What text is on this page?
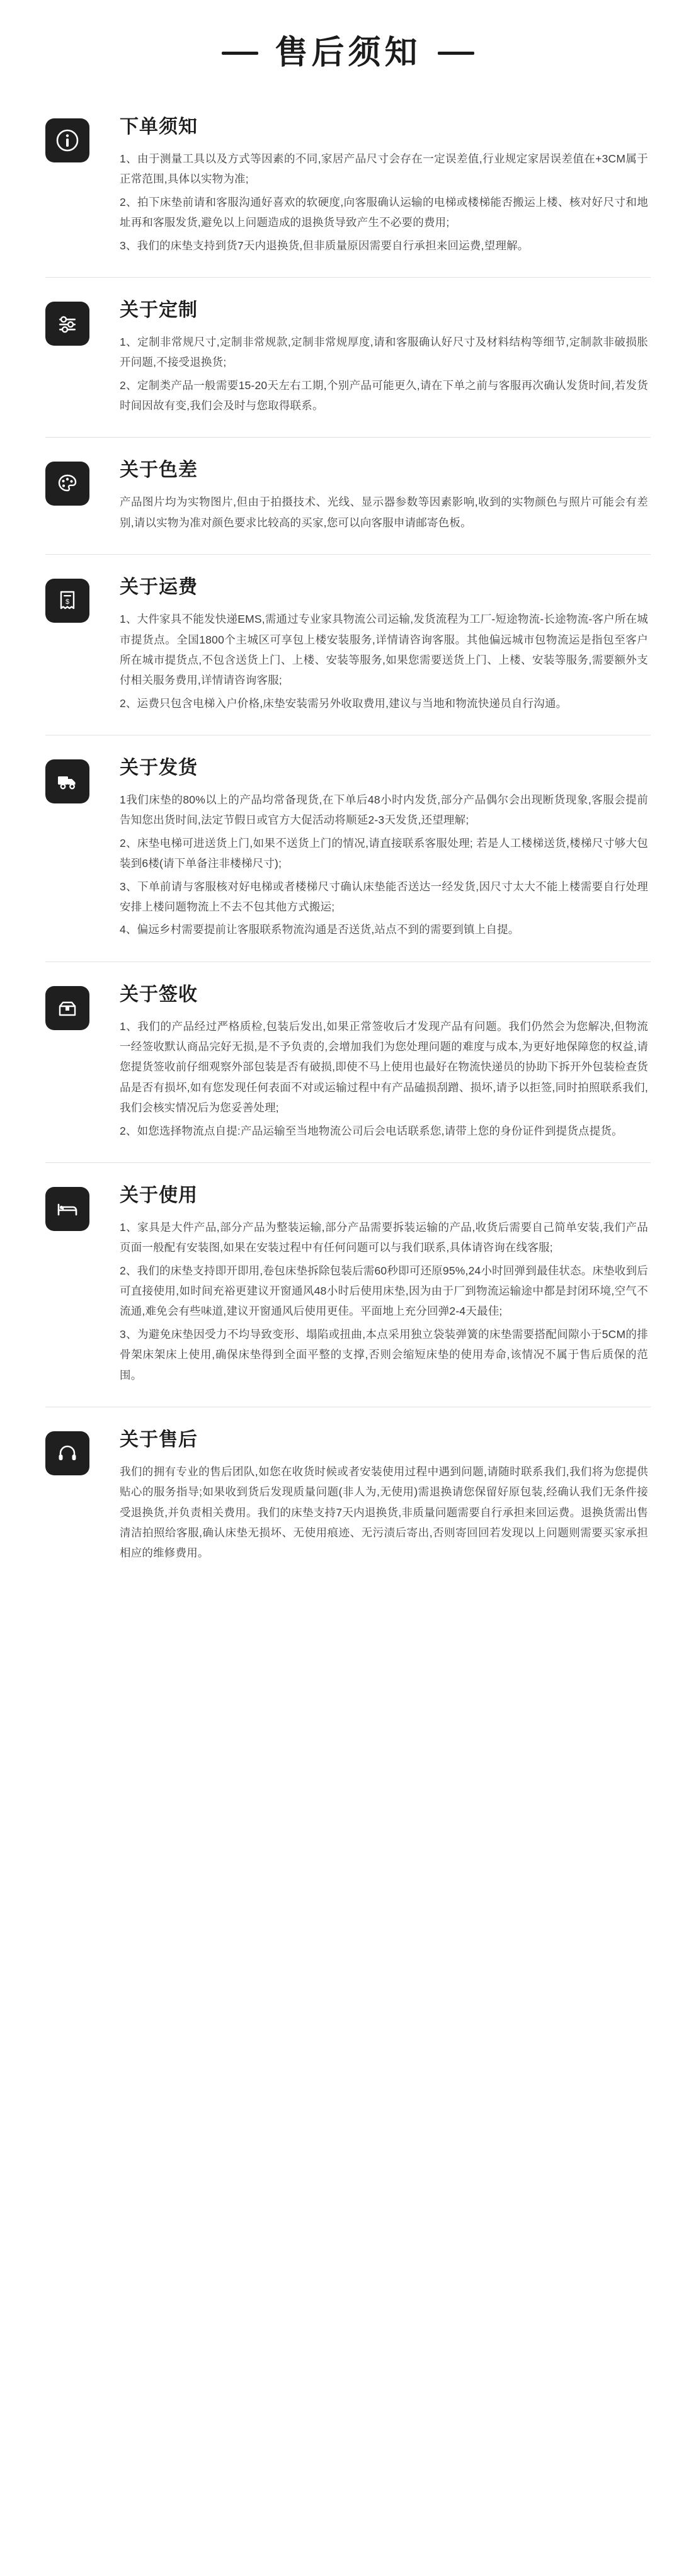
售后须知
下单须知

1、由于测量工具以及方式等因素的不同,家居产品尺寸会存在一定误差值,行业规定家居误差值在+3CM属于正常范围,具体以实物为准;

2、拍下床垫前请和客服沟通好喜欢的软硬度,向客服确认运输的电梯或楼梯能否搬运上楼、核对好尺寸和地址再和客服发货,避免以上问题造成的退换货导致产生不必要的费用;

3、我们的床垫支持到货7天内退换货,但非质量原因需要自行承担来回运费,望理解。

关于定制

1、定制非常规尺寸,定制非常规款,定制非常规厚度,请和客服确认好尺寸及材料结构等细节,定制款非破损胀开问题,不接受退换货;

2、定制类产品一般需要15-20天左右工期,个别产品可能更久,请在下单之前与客服再次确认发货时间,若发货时间因故有变,我们会及时与您取得联系。

关于色差

产品图片均为实物图片,但由于拍摄技术、光线、显示器参数等因素影响,收到的实物颜色与照片可能会有差别,请以实物为准对颜色要求比较高的买家,您可以向客服申请邮寄色板。

$
关于运费

1、大件家具不能发快递EMS,需通过专业家具物流公司运输,发货流程为工厂-短途物流-长途物流-客户所在城市提货点。全国1800个主城区可享包上楼安装服务,详情请咨询客服。其他偏远城市包物流运是指包至客户所在城市提货点,不包含送货上门、上楼、安装等服务,如果您需要送货上门、上楼、安装等服务,需要额外支付相关服务费用,详情请咨询客服;

2、运费只包含电梯入户价格,床垫安装需另外收取费用,建议与当地和物流快递员自行沟通。

关于发货

1我们床垫的80%以上的产品均常备现货,在下单后48小时内发货,部分产品偶尔会出现断货现象,客服会提前告知您出货时间,法定节假日或官方大促活动将顺延2-3天发货,还望理解;

2、床垫电梯可进送货上门,如果不送货上门的情况,请直接联系客服处理; 若是人工楼梯送货,楼梯尺寸够大包装到6楼(请下单备注非楼梯尺寸);

3、下单前请与客服核对好电梯或者楼梯尺寸确认床垫能否送达一经发货,因尺寸太大不能上楼需要自行处理安排上楼问题物流上不去不包其他方式搬运;

4、偏远乡村需要提前让客服联系物流沟通是否送货,站点不到的需要到镇上自提。

关于签收

1、我们的产品经过严格质检,包装后发出,如果正常签收后才发现产品有问题。我们仍然会为您解决,但物流一经签收默认商品完好无损,是不予负责的,会增加我们为您处理问题的难度与成本,为更好地保障您的权益,请您提货签收前仔细观察外部包装是否有破损,即使不马上使用也最好在物流快递员的协助下拆开外包装检查货品是否有损坏,如有您发现任何表面不对或运输过程中有产品磕损刮蹭、损坏,请予以拒签,同时拍照联系我们,我们会核实情况后为您妥善处理;

2、如您选择物流点自提:产品运输至当地物流公司后会电话联系您,请带上您的身份证件到提货点提货。

关于使用

1、家具是大件产品,部分产品为整装运输,部分产品需要拆装运输的产品,收货后需要自己简单安装,我们产品页面一般配有安装图,如果在安装过程中有任何问题可以与我们联系,具体请咨询在线客服;

2、我们的床垫支持即开即用,卷包床垫拆除包装后需60秒即可还原95%,24小时回弹到最佳状态。床垫收到后可直接使用,如时间充裕更建议开窗通风48小时后使用床垫,因为由于厂到物流运输途中都是封闭环境,空气不流通,难免会有些味道,建议开窗通风后使用更佳。平面地上充分回弹2-4天最佳;

3、为避免床垫因受力不均导致变形、塌陷或扭曲,本点采用独立袋装弹簧的床垫需要搭配间隙小于5CM的排骨架床架床上使用,确保床垫得到全面平整的支撑,否则会缩短床垫的使用寿命,该情况不属于售后质保的范围。

关于售后

我们的拥有专业的售后团队,如您在收货时候或者安装使用过程中遇到问题,请随时联系我们,我们将为您提供贴心的服务指导;如果收到货后发现质量问题(非人为,无使用)需退换请您保留好原包装,经确认我们无条件接受退换货,并负责相关费用。我们的床垫支持7天内退换货,非质量问题需要自行承担来回运费。退换货需出售清洁拍照给客服,确认床垫无损坏、无使用痕迹、无污渍后寄出,否则寄回回若发现以上问题则需要买家承担相应的维修费用。
